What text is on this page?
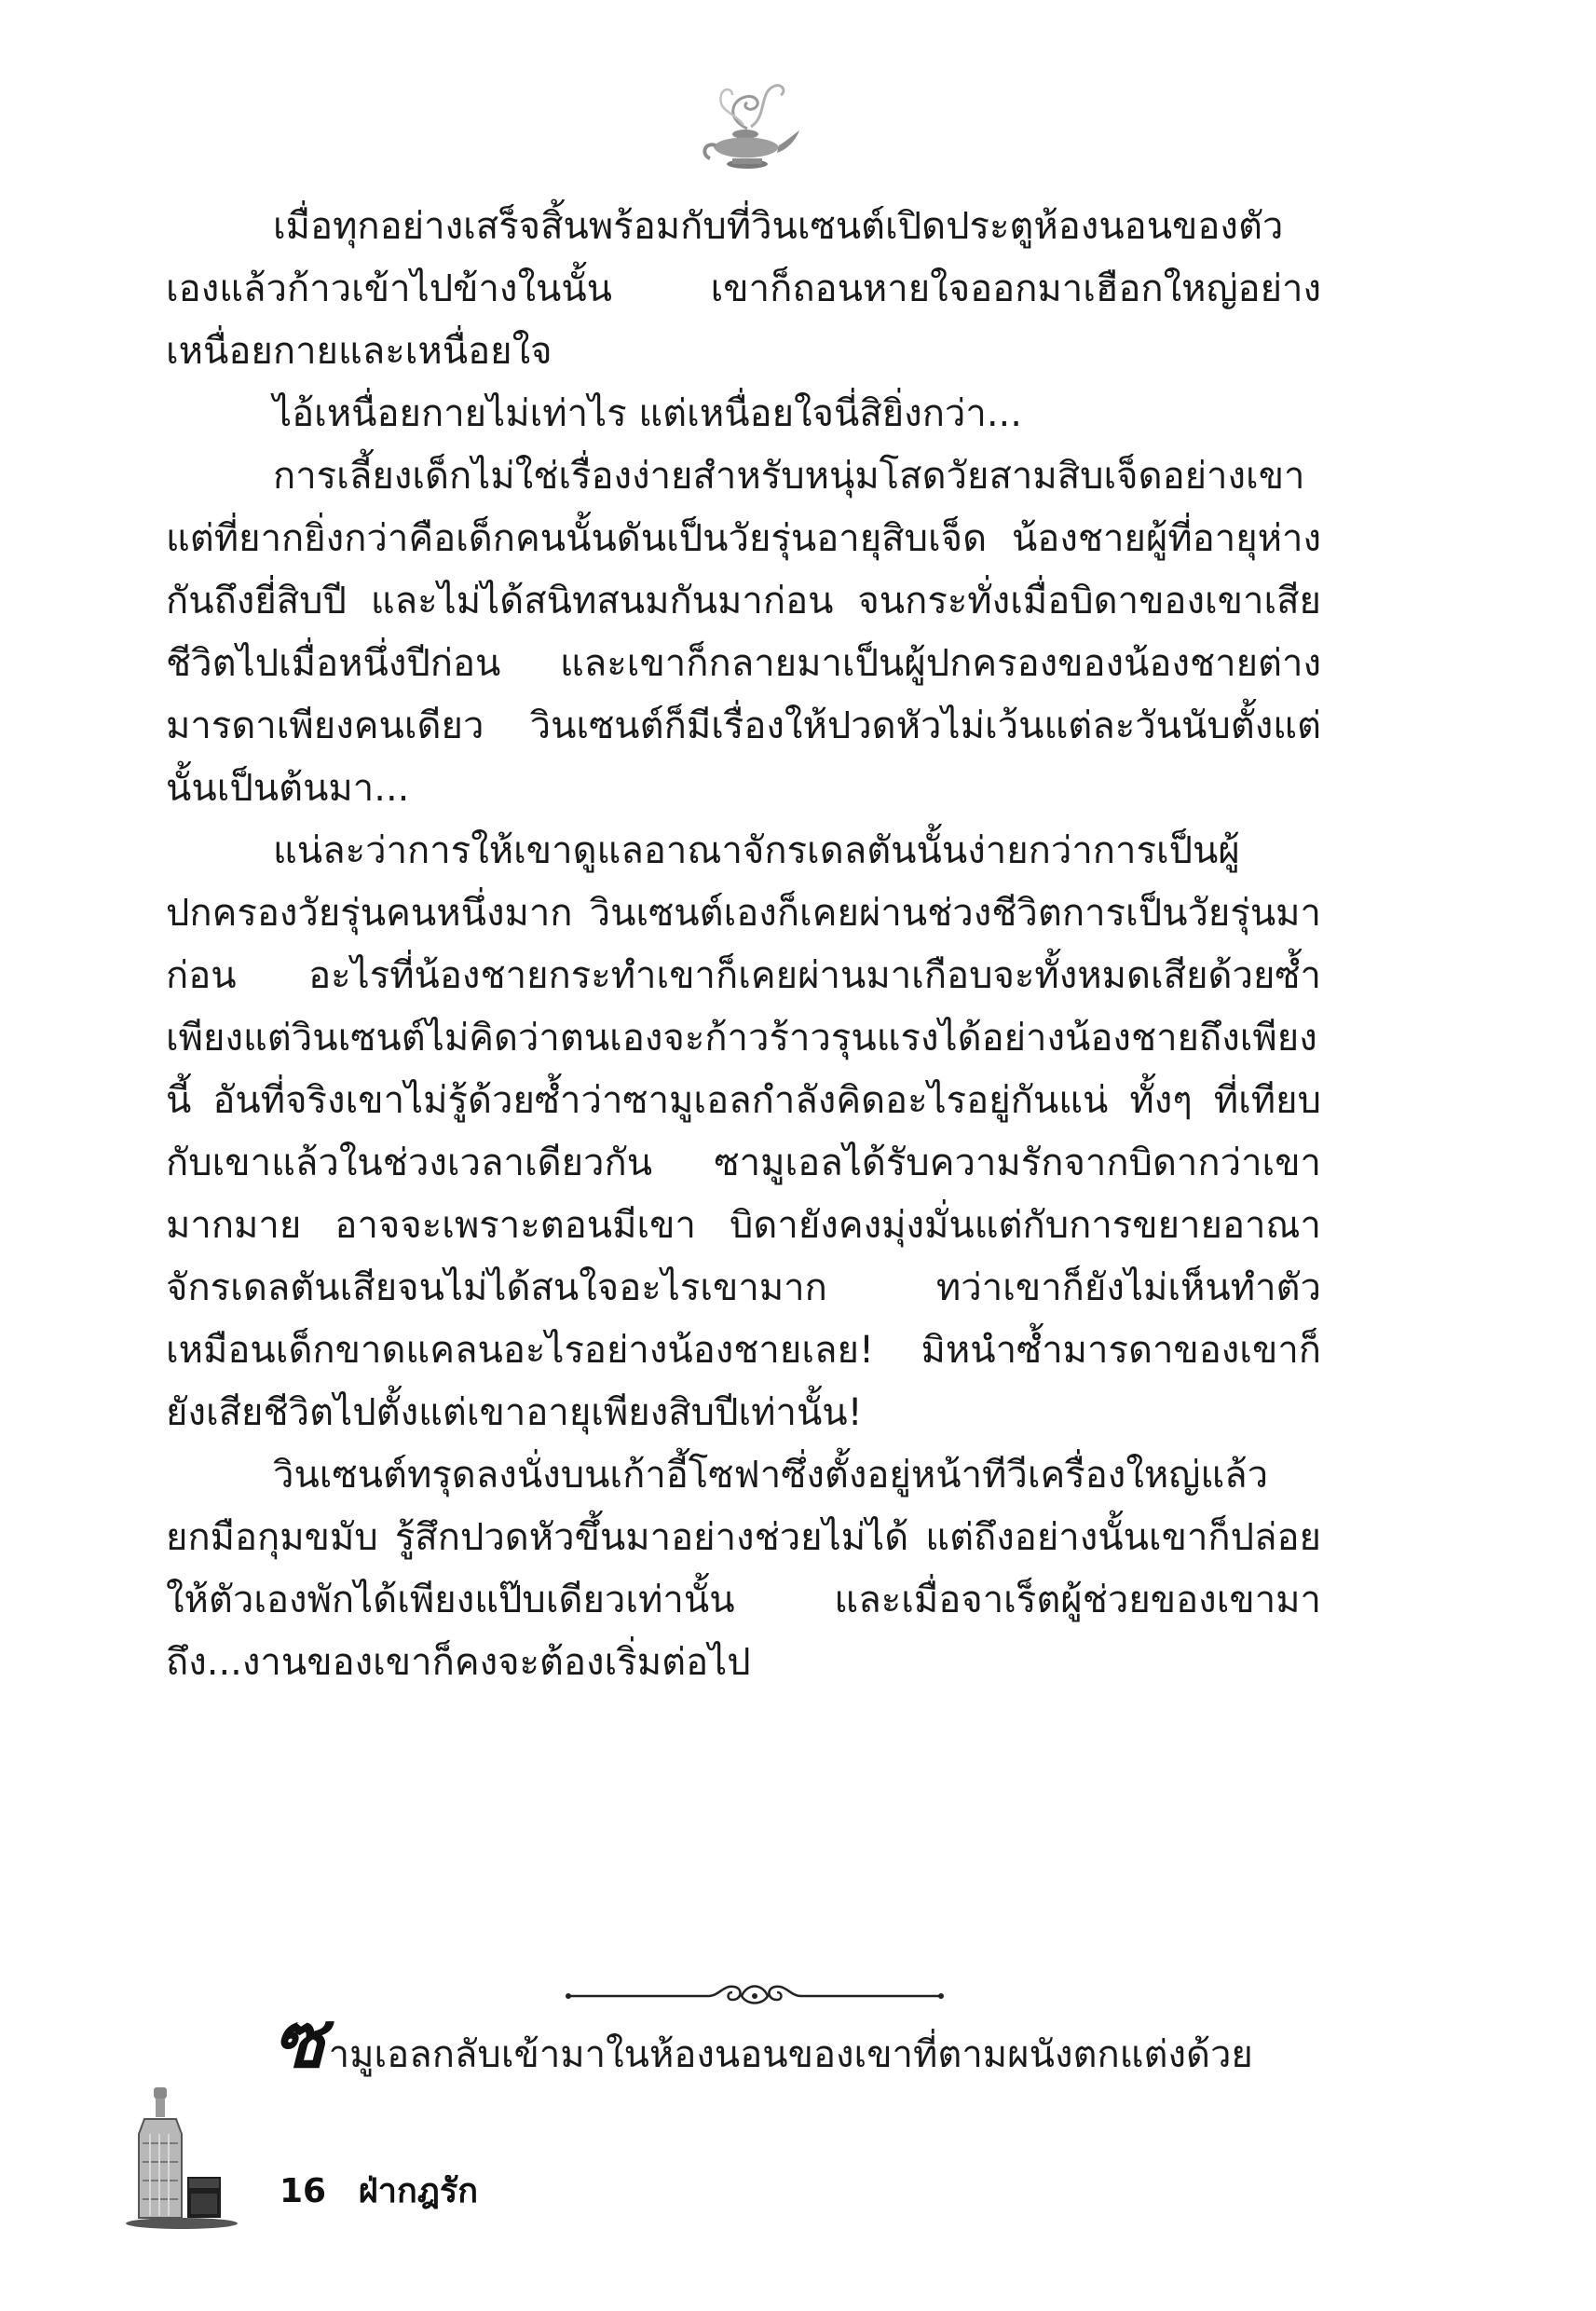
เมื่อทุกอย่างเสร็จสิ้นพร้อมกับที่วินเซนต์เปิดประตูห้องนอนของตัวเองแล้วก้าวเข้าไปข้างในนั้น เขาก็ถอนหายใจออกมาเฮือกใหญ่อย่างเหนื่อยกายและเหนื่อยใจ

ไอ้เหนื่อยกายไม่เท่าไร แต่เหนื่อยใจนี่สิยิ่งกว่า...

การเลี้ยงเด็กไม่ใช่เรื่องง่ายสำหรับหนุ่มโสดวัยสามสิบเจ็ดอย่างเขา แต่ที่ยากยิ่งกว่าคือเด็กคนนั้นดันเป็นวัยรุ่นอายุสิบเจ็ด น้องชายผู้ที่อายุห่างกันถึงยี่สิบปี และไม่ได้สนิทสนมกันมาก่อน จนกระทั่งเมื่อบิดาของเขาเสียชีวิตไปเมื่อหนึ่งปีก่อน และเขาก็กลายมาเป็นผู้ปกครองของน้องชายต่างมารดาเพียงคนเดียว วินเซนต์ก็มีเรื่องให้ปวดหัวไม่เว้นแต่ละวันนับตั้งแต่นั้นเป็นต้นมา...

แน่ละว่าการให้เขาดูแลอาณาจักรเดลตันนั้นง่ายกว่าการเป็นผู้ปกครองวัยรุ่นคนหนึ่งมาก วินเซนต์เองก็เคยผ่านช่วงชีวิตการเป็นวัยรุ่นมาก่อน อะไรที่น้องชายกระทำเขาก็เคยผ่านมาเกือบจะทั้งหมดเสียด้วยซ้ำ เพียงแต่วินเซนต์ไม่คิดว่าตนเองจะก้าวร้าวรุนแรงได้อย่างน้องชายถึงเพียงนี้ อันที่จริงเขาไม่รู้ด้วยซ้ำว่าซามูเอลกำลังคิดอะไรอยู่กันแน่ ทั้งๆ ที่เทียบกับเขาแล้วในช่วงเวลาเดียวกัน ซามูเอลได้รับความรักจากบิดากว่าเขามากมาย อาจจะเพราะตอนมีเขา บิดายังคงมุ่งมั่นแต่กับการขยายอาณาจักรเดลตันเสียจนไม่ได้สนใจอะไรเขามาก ทว่าเขาก็ยังไม่เห็นทำตัวเหมือนเด็กขาดแคลนอะไรอย่างน้องชายเลย! มิหนำซ้ำมารดาของเขาก็ยังเสียชีวิตไปตั้งแต่เขาอายุเพียงสิบปีเท่านั้น!

วินเซนต์ทรุดลงนั่งบนเก้าอี้โซฟาซึ่งตั้งอยู่หน้าทีวีเครื่องใหญ่แล้วยกมือกุมขมับ รู้สึกปวดหัวขึ้นมาอย่างช่วยไม่ได้ แต่ถึงอย่างนั้นเขาก็ปล่อยให้ตัวเองพักได้เพียงแป๊บเดียวเท่านั้น และเมื่อจาเร็ตผู้ช่วยของเขามาถึง...งานของเขาก็คงจะต้องเริ่มต่อไป

ซามูเอลกลับเข้ามาในห้องนอนของเขาที่ตามผนังตกแต่งด้วย

16 ฝ่ากฎรัก
